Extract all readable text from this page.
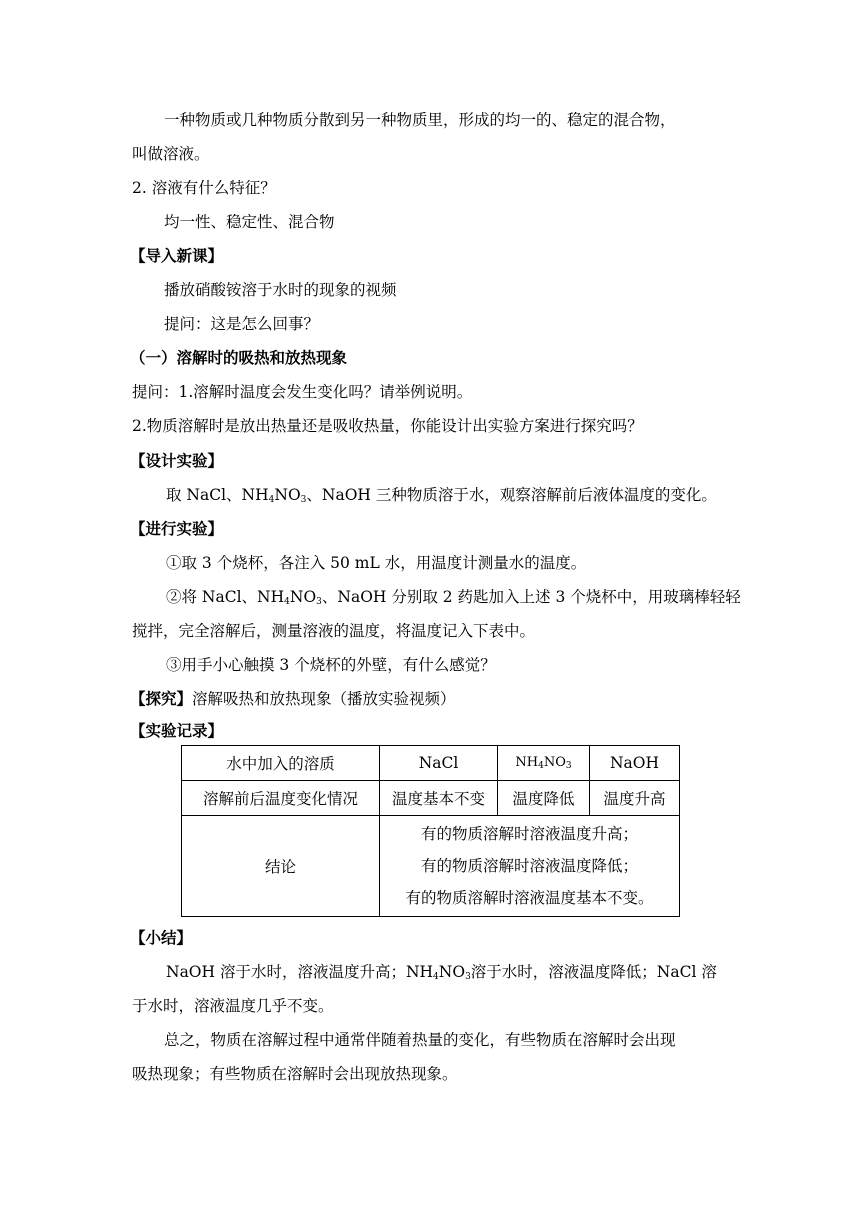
一种物质或几种物质分散到另一种物质里，形成的均一的、稳定的混合物，
叫做溶液。
2. 溶液有什么特征？
均一性、稳定性、混合物
【导入新课】
播放硝酸铵溶于水时的现象的视频
提问：这是怎么回事？
（一）溶解时的吸热和放热现象
提问：1.溶解时温度会发生变化吗？请举例说明。
2.物质溶解时是放出热量还是吸收热量，你能设计出实验方案进行探究吗？
【设计实验】
取 NaCl、$NH_4NO_3$、NaOH 三种物质溶于水，观察溶解前后液体温度的变化。
【进行实验】
①取 3 个烧杯，各注入 50 mL 水，用温度计测量水的温度。
②将 NaCl、$NH_4NO_3$、NaOH 分别取 2 药匙加入上述 3 个烧杯中，用玻璃棒轻轻
搅拌，完全溶解后，测量溶液的温度，将温度记入下表中。
③用手小心触摸 3 个烧杯的外壁，有什么感觉？
【探究】溶解吸热和放热现象（播放实验视频）
【实验记录】
水中加入的溶质	NaCl	$NH_4NO_3$	NaOH
溶解前后温度变化情况	温度基本不变	温度降低	温度升高
结论	有的物质溶解时溶液温度升高；
有的物质溶解时溶液温度降低；
有的物质溶解时溶液温度基本不变。		
【小结】
NaOH 溶于水时，溶液温度升高；$NH_4NO_3$溶于水时，溶液温度降低；NaCl 溶
于水时，溶液温度几乎不变。
总之，物质在溶解过程中通常伴随着热量的变化，有些物质在溶解时会出现
吸热现象；有些物质在溶解时会出现放热现象。
